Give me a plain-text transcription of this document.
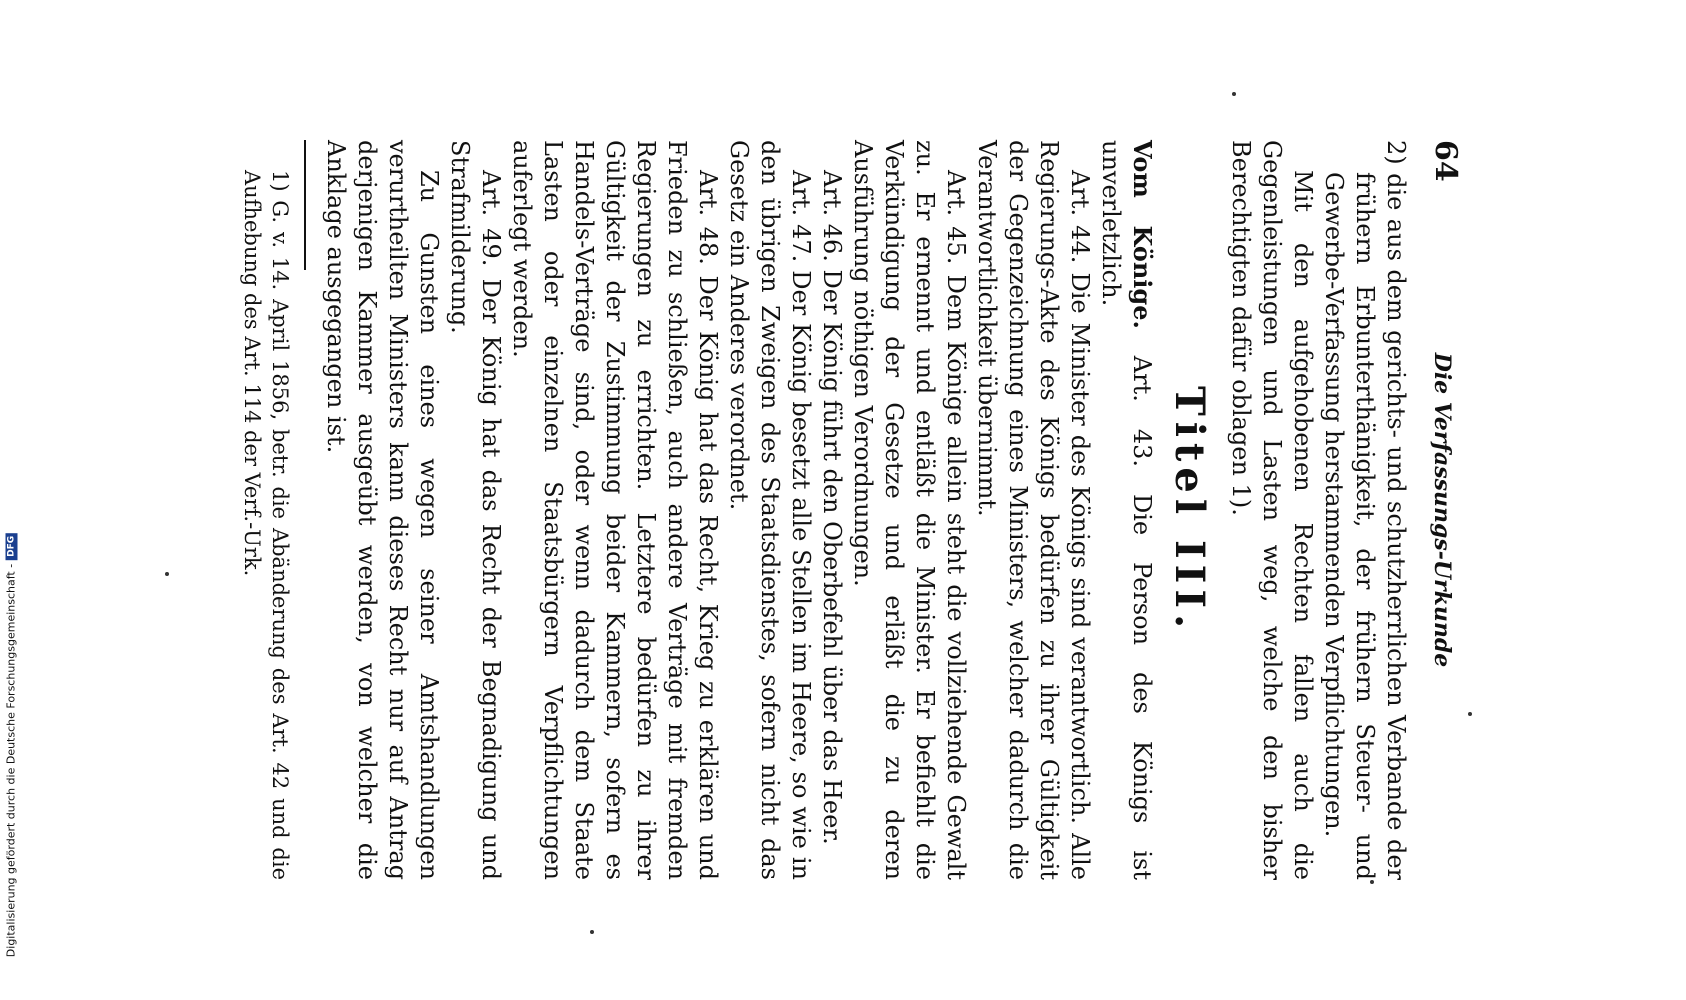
64
Die Verfassungs-Urkunde

2) die aus dem gerichts- und schutzherrlichen Verbande der frühern Erbunterthänigkeit, der frühern Steuer- und Gewerbe-Verfassung herstammenden Verpflichtungen.

Mit den aufgehobenen Rechten fallen auch die Gegenleistungen und Lasten weg, welche den bisher Berechtigten dafür oblagen 1).

Titel III.

Vom Könige. Art. 43. Die Person des Königs ist unverletzlich.

Art. 44. Die Minister des Königs sind verantwortlich. Alle Regierungs-Akte des Königs bedürfen zu ihrer Gültigkeit der Gegenzeichnung eines Ministers, welcher dadurch die Verantwortlichkeit übernimmt.

Art. 45. Dem Könige allein steht die vollziehende Gewalt zu. Er ernennt und entläßt die Minister. Er befiehlt die Verkündigung der Gesetze und erläßt die zu deren Ausführung nöthigen Verordnungen.

Art. 46. Der König führt den Oberbefehl über das Heer.

Art. 47. Der König besetzt alle Stellen im Heere, so wie in den übrigen Zweigen des Staatsdienstes, sofern nicht das Gesetz ein Anderes verordnet.

Art. 48. Der König hat das Recht, Krieg zu erklären und Frieden zu schließen, auch andere Verträge mit fremden Regierungen zu errichten. Letztere bedürfen zu ihrer Gültigkeit der Zustimmung beider Kammern, sofern es Handels-Verträge sind, oder wenn dadurch dem Staate Lasten oder einzelnen Staatsbürgern Verpflichtungen auferlegt werden.

Art. 49. Der König hat das Recht der Begnadigung und Strafmilderung.

Zu Gunsten eines wegen seiner Amtshandlungen verurtheilten Ministers kann dieses Recht nur auf Antrag derjenigen Kammer ausgeübt werden, von welcher die Anklage ausgegangen ist.

1) G. v. 14. April 1856, betr. die Abänderung des Art. 42 und die Aufhebung des Art. 114 der Verf.-Urk.

Digitalisierung gefördert durch die Deutsche Forschungsgemeinschaft -
DFG
